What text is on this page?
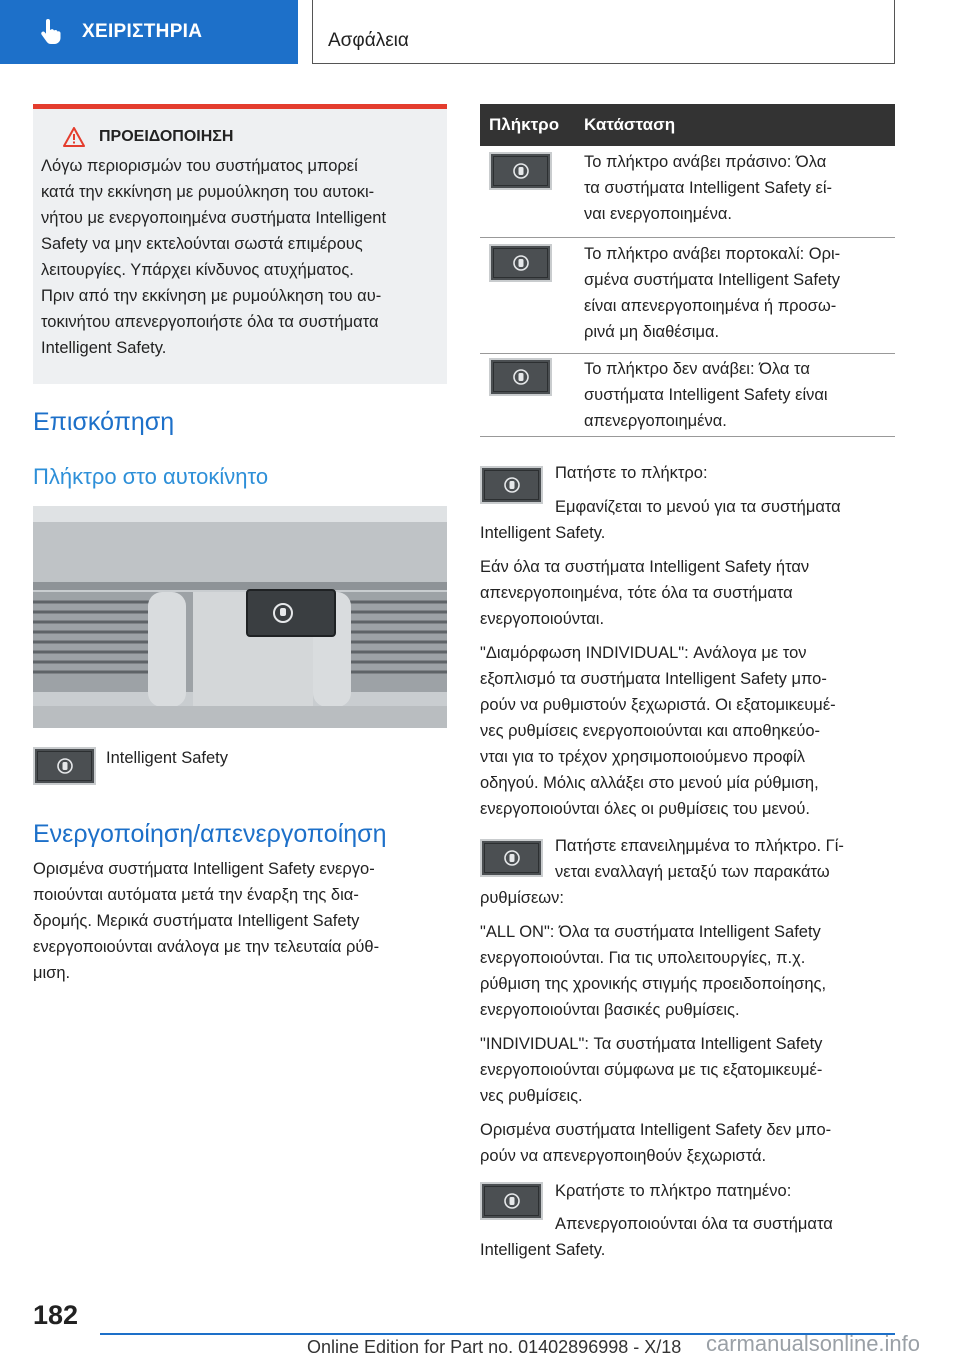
ΧΕΙΡΙΣΤΗΡΙΑ	Ασφάλεια
ΠΡΟΕΙΔΟΠΟΙΗΣΗ
Λόγω περιορισμών του συστήματος μπορεί
κατά την εκκίνηση με ρυμούλκηση του αυτοκι-
νήτου με ενεργοποιημένα συστήματα Intelligent
Safety να μην εκτελούνται σωστά επιμέρους
λειτουργίες. Υπάρχει κίνδυνος ατυχήματος.
Πριν από την εκκίνηση με ρυμούλκηση του αυ-
τοκινήτου απενεργοποιήστε όλα τα συστήματα
Intelligent Safety.
Επισκόπηση
Πλήκτρο στο αυτοκίνητο
Intelligent Safety
Ενεργοποίηση/απενεργοποίηση
Ορισμένα συστήματα Intelligent Safety ενεργο-
ποιούνται αυτόματα μετά την έναρξη της δια-
δρομής. Μερικά συστήματα Intelligent Safety
ενεργοποιούνται ανάλογα με την τελευταία ρύθ-
μιση.
Πλήκτρο Κατάσταση
Το πλήκτρο ανάβει πράσινο: Όλα
τα συστήματα Intelligent Safety εί-
ναι ενεργοποιημένα.
Το πλήκτρο ανάβει πορτοκαλί: Ορι-
σμένα συστήματα Intelligent Safety
είναι απενεργοποιημένα ή προσω-
ρινά μη διαθέσιμα.
Το πλήκτρο δεν ανάβει: Όλα τα
συστήματα Intelligent Safety είναι
απενεργοποιημένα.
Πατήστε το πλήκτρο:
Εμφανίζεται το μενού για τα συστήματα
Intelligent Safety.
Εάν όλα τα συστήματα Intelligent Safety ήταν
απενεργοποιημένα, τότε όλα τα συστήματα
ενεργοποιούνται.
"Διαμόρφωση INDIVIDUAL": Ανάλογα με τον
εξοπλισμό τα συστήματα Intelligent Safety μπο-
ρούν να ρυθμιστούν ξεχωριστά. Οι εξατομικευμέ-
νες ρυθμίσεις ενεργοποιούνται και αποθηκεύο-
νται για το τρέχον χρησιμοποιούμενο προφίλ
οδηγού. Μόλις αλλάξει στο μενού μία ρύθμιση,
ενεργοποιούνται όλες οι ρυθμίσεις του μενού.
Πατήστε επανειλημμένα το πλήκτρο. Γί-
νεται εναλλαγή μεταξύ των παρακάτω
ρυθμίσεων:
"ALL ON": Όλα τα συστήματα Intelligent Safety
ενεργοποιούνται. Για τις υπολειτουργίες, π.χ.
ρύθμιση της χρονικής στιγμής προειδοποίησης,
ενεργοποιούνται βασικές ρυθμίσεις.
"INDIVIDUAL": Τα συστήματα Intelligent Safety
ενεργοποιούνται σύμφωνα με τις εξατομικευμέ-
νες ρυθμίσεις.
Ορισμένα συστήματα Intelligent Safety δεν μπο-
ρούν να απενεργοποιηθούν ξεχωριστά.
Κρατήστε το πλήκτρο πατημένο:
Απενεργοποιούνται όλα τα συστήματα
Intelligent Safety.
182
Online Edition for Part no. 01402896998 - X/18 carmanualsonline.info
